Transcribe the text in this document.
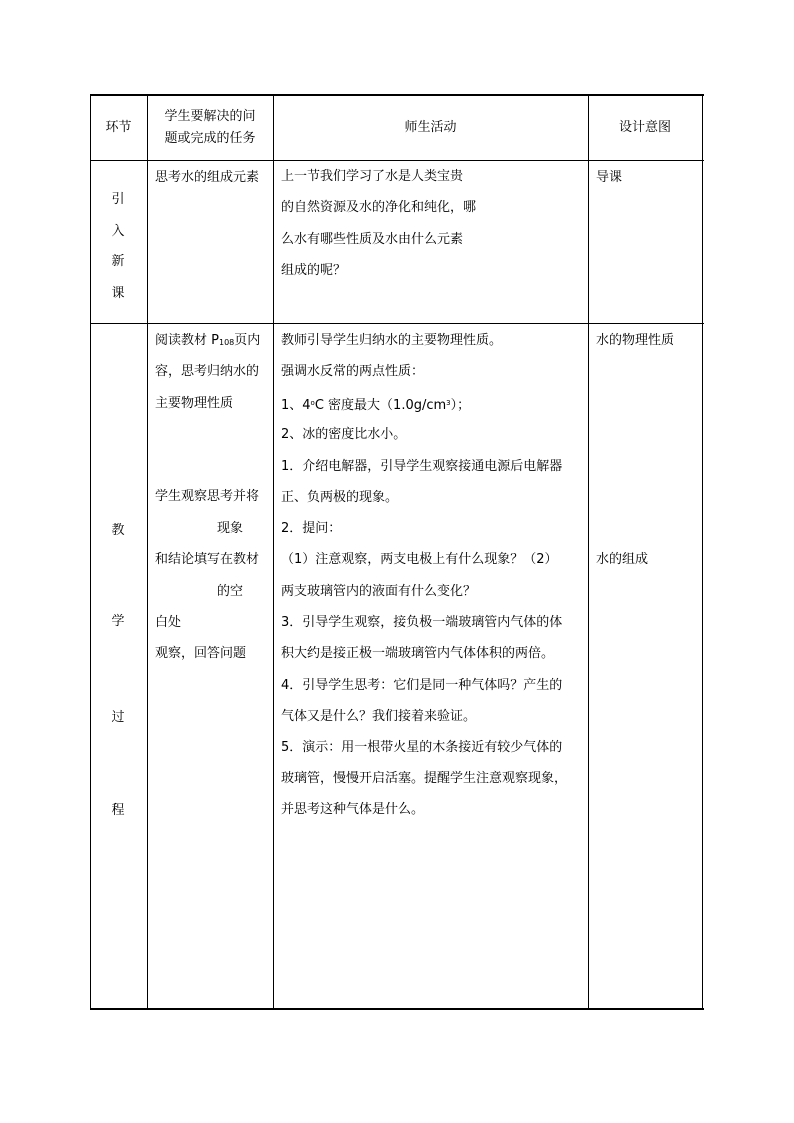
环节
学生要解决的问
题或完成的任务
师生活动	设计意图
引
入
新
课
思考水的组成元素 上一节我们学习了水是人类宝贵
的自然资源及水的净化和纯化，哪
么水有哪些性质及水由什么元素
组成的呢？
导课
教
学
过
程
阅读教材 $P_{108}$页内
容，思考归纳水的
主要物理性质
学生观察思考并将
现象
和结论填写在教材
的空
白处
观察，回答问题
教师引导学生归纳水的主要物理性质。
强调水反常的两点性质：
1、4$^o$C 密度最大$(1.0g/cm^3)$；
2、冰的密度比水小。
1．介绍电解器，引导学生观察接通电源后电解器
正、负两极的现象。
2．提问：
（1）注意观察，两支电极上有什么现象？（2）
两支玻璃管内的液面有什么变化？
3．引导学生观察，接负极一端玻璃管内气体的体
积大约是接正极一端玻璃管内气体体积的两倍。
4．引导学生思考：它们是同一种气体吗？产生的
气体又是什么？我们接着来验证。
5．演示：用一根带火星的木条接近有较少气体的
玻璃管，慢慢开启活塞。提醒学生注意观察现象，
并思考这种气体是什么。
水的物理性质
水的组成
